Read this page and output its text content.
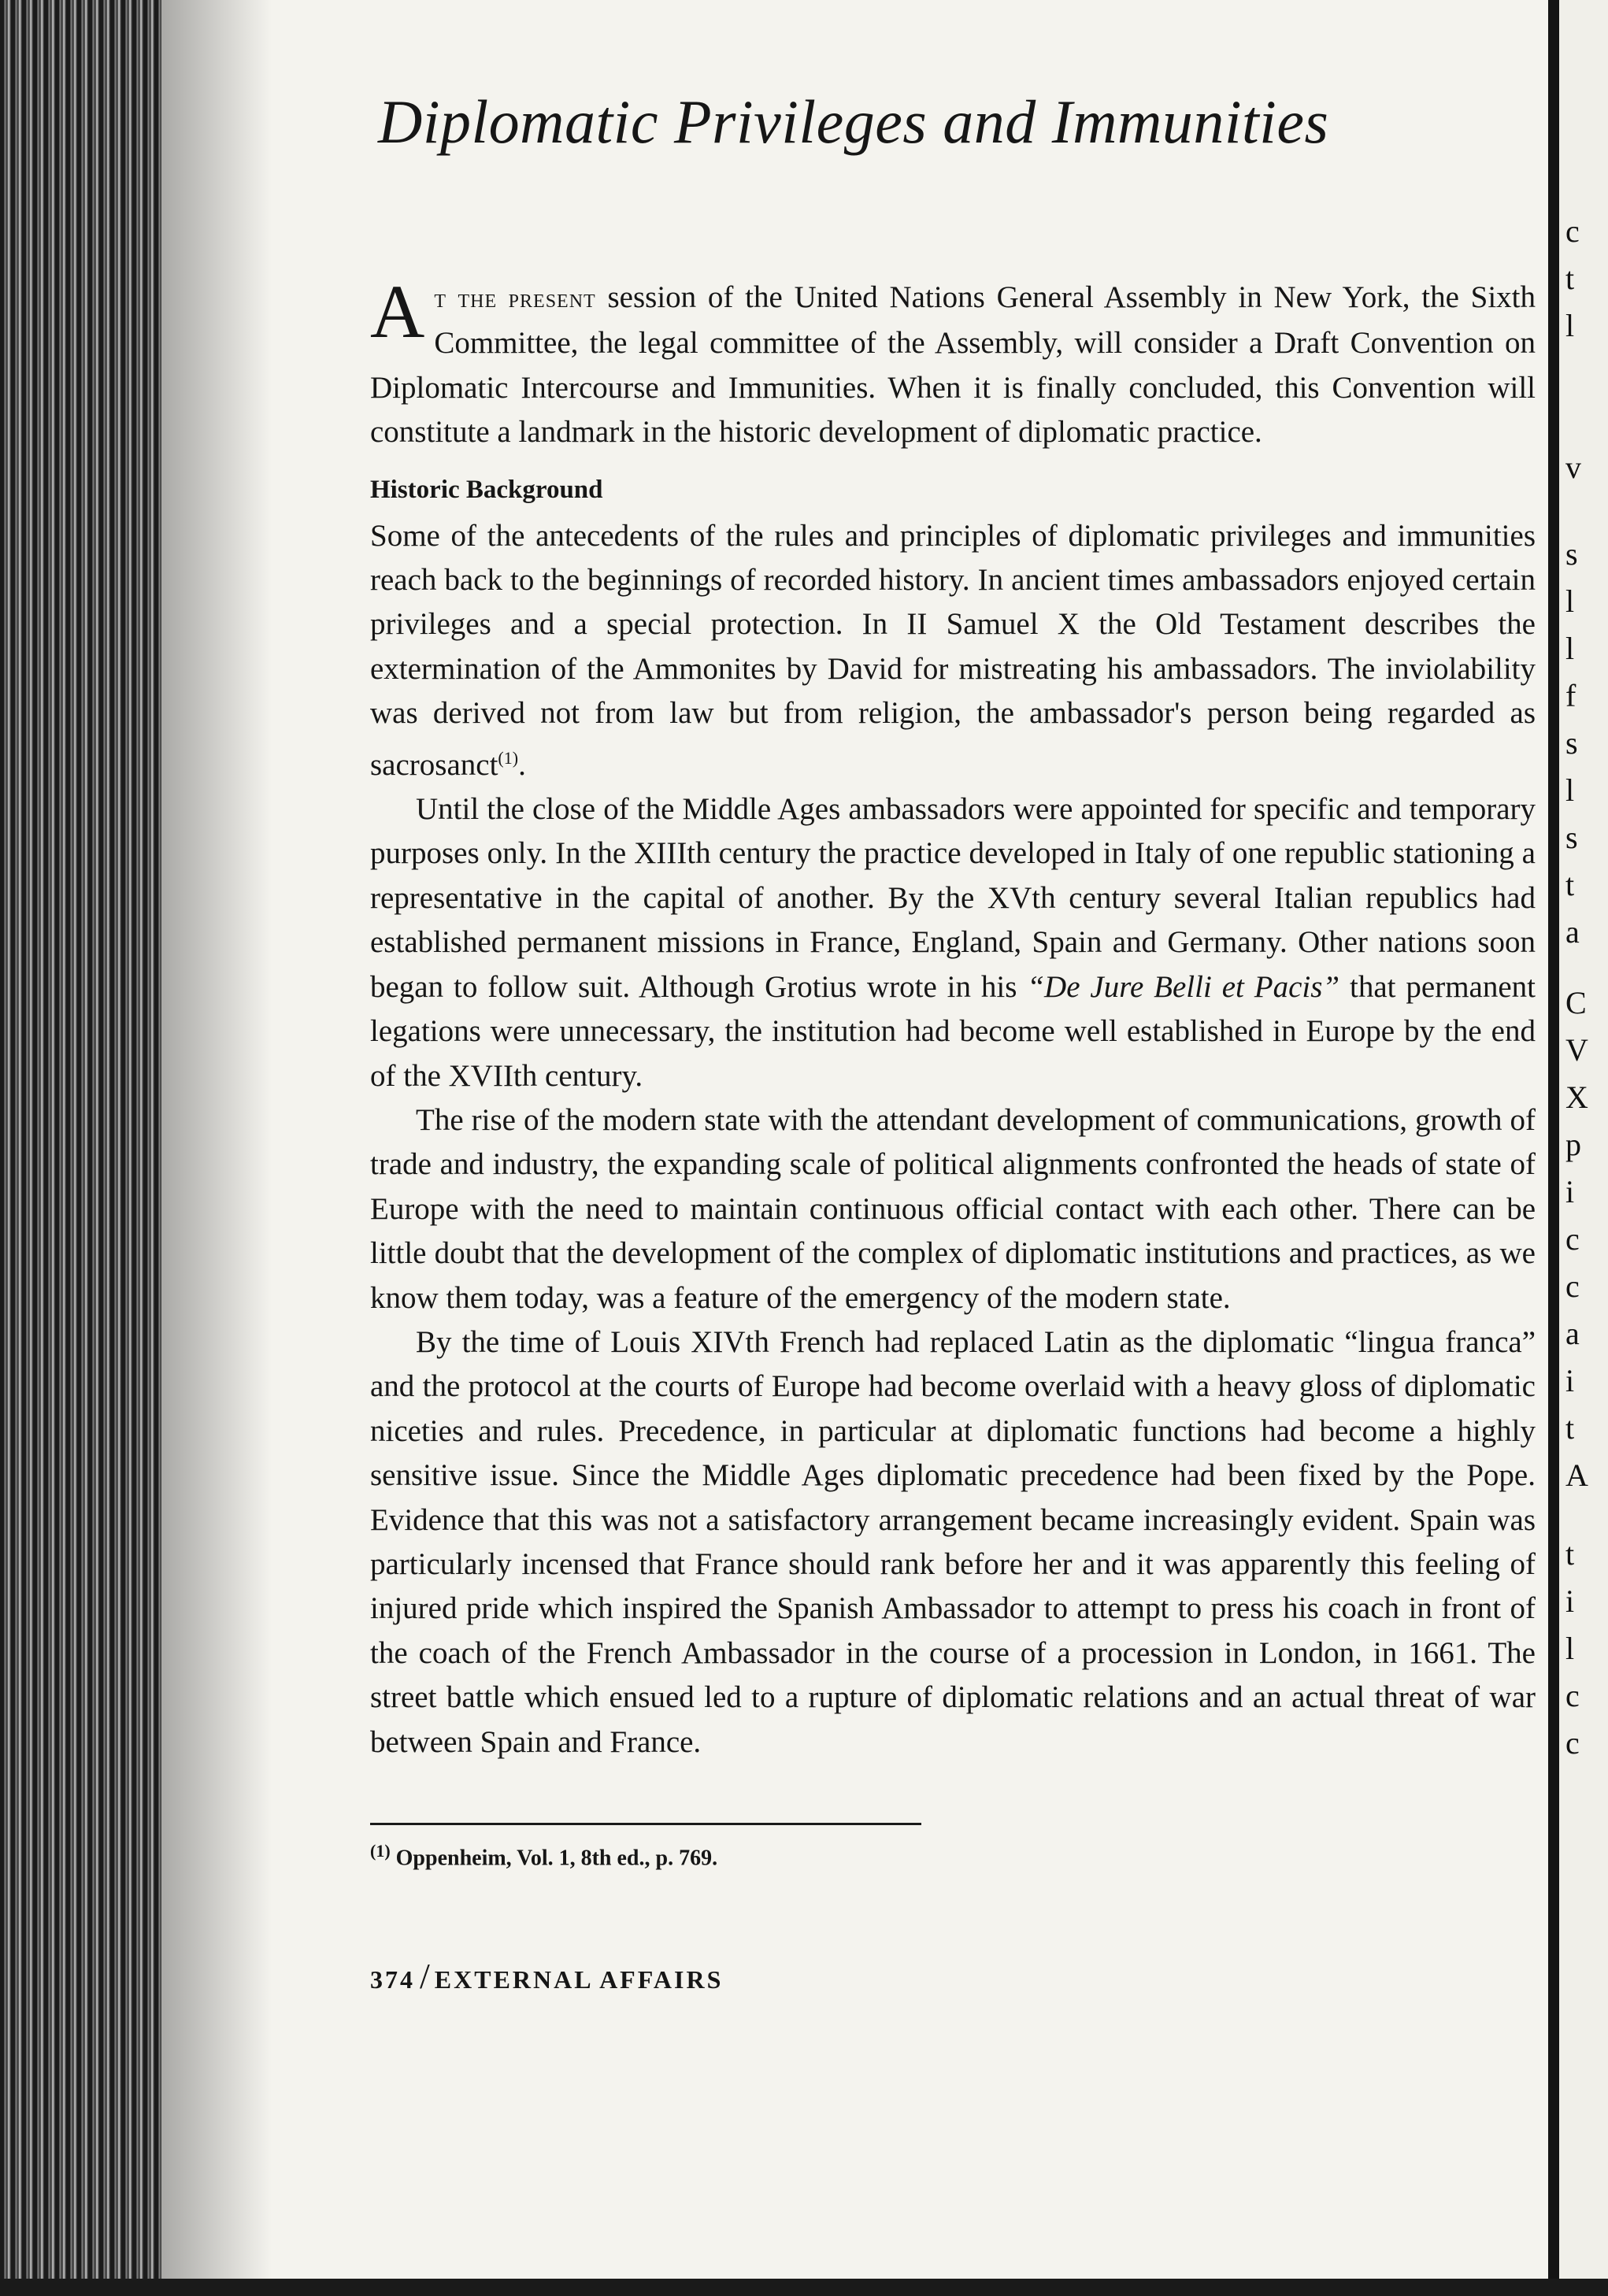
c
t
l
v
s
l
l
f
s
l
s
t
a
C
V
X
p
i
c
c
a
i
t
A
t
i
l
c
c
Diplomatic Privileges and Immunities

At the present session of the United Nations General Assembly in New York, the Sixth Committee, the legal committee of the Assembly, will consider a Draft Convention on Diplomatic Intercourse and Immunities. When it is finally concluded, this Convention will constitute a landmark in the historic development of diplomatic practice.

Historic Background

Some of the antecedents of the rules and principles of diplomatic privileges and immunities reach back to the beginnings of recorded history. In ancient times ambassadors enjoyed certain privileges and a special protection. In II Samuel X the Old Testament describes the extermination of the Ammonites by David for mistreating his ambassadors. The inviolability was derived not from law but from religion, the ambassador's person being regarded as sacrosanct$^{(1)}$.

Until the close of the Middle Ages ambassadors were appointed for specific and temporary purposes only. In the XIIIth century the practice developed in Italy of one republic stationing a representative in the capital of another. By the XVth century several Italian republics had established permanent missions in France, England, Spain and Germany. Other nations soon began to follow suit. Although Grotius wrote in his “De Jure Belli et Pacis” that permanent legations were unnecessary, the institution had become well established in Europe by the end of the XVIIth century.

The rise of the modern state with the attendant development of communications, growth of trade and industry, the expanding scale of political alignments confronted the heads of state of Europe with the need to maintain continuous official contact with each other. There can be little doubt that the development of the complex of diplomatic institutions and practices, as we know them today, was a feature of the emergency of the modern state.

By the time of Louis XIVth French had replaced Latin as the diplomatic “lingua franca” and the protocol at the courts of Europe had become overlaid with a heavy gloss of diplomatic niceties and rules. Precedence, in particular at diplomatic functions had become a highly sensitive issue. Since the Middle Ages diplomatic precedence had been fixed by the Pope. Evidence that this was not a satisfactory arrangement became increasingly evident. Spain was particularly incensed that France should rank before her and it was apparently this feeling of injured pride which inspired the Spanish Ambassador to attempt to press his coach in front of the coach of the French Ambassador in the course of a procession in London, in 1661. The street battle which ensued led to a rupture of diplomatic relations and an actual threat of war between Spain and France.

$^{(1)}$ Oppenheim, Vol. 1, 8th ed., p. 769.
374 / EXTERNAL AFFAIRS
